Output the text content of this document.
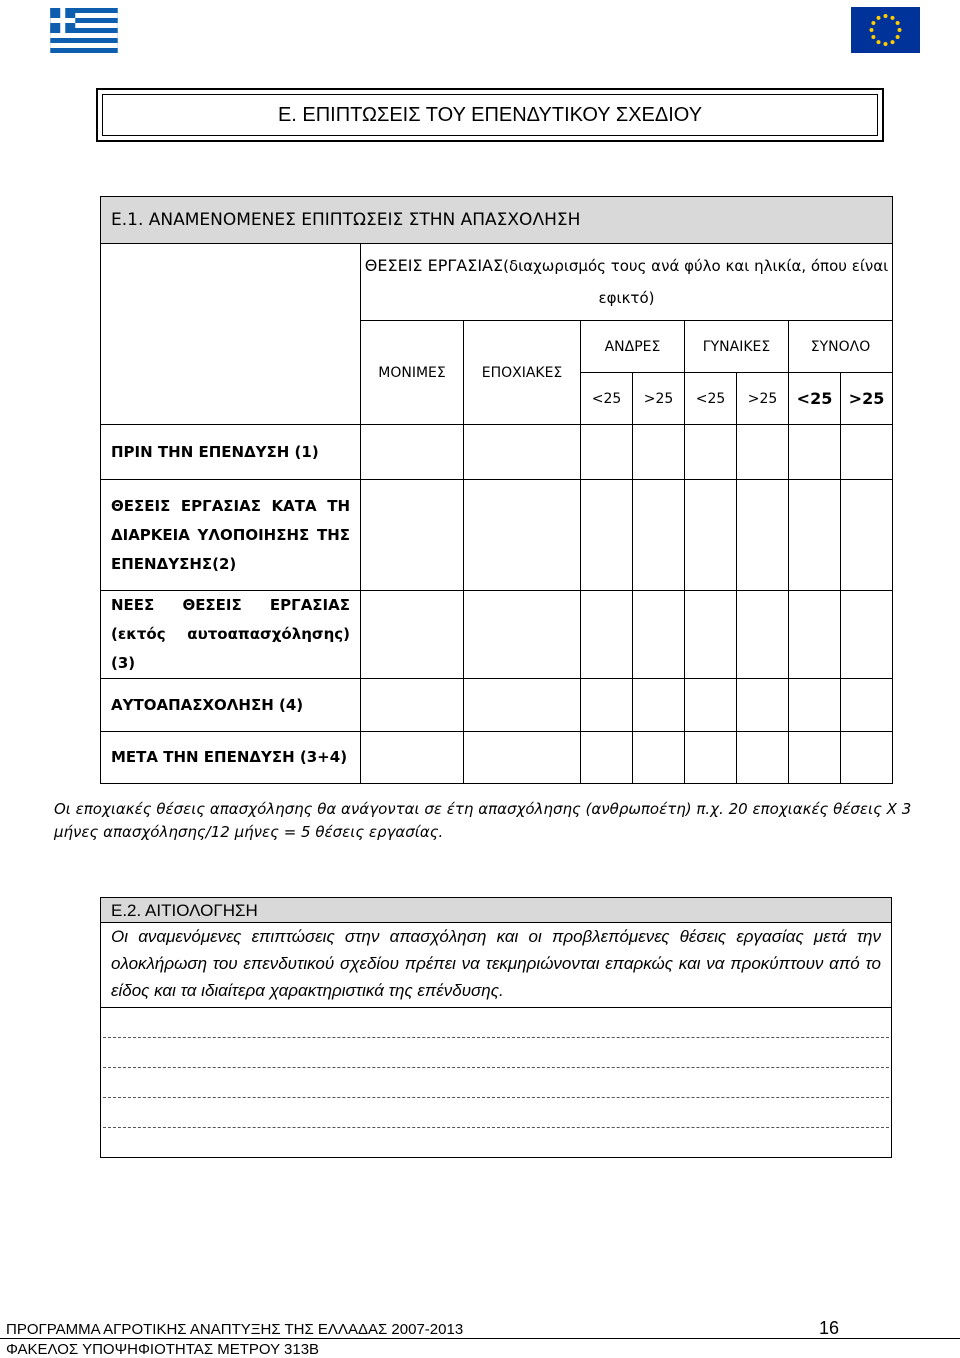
Ε. ΕΠΙΠΤΩΣΕΙΣ ΤΟΥ ΕΠΕΝΔΥΤΙΚΟΥ ΣΧΕΔΙΟΥ
Ε.1. ΑΝΑΜΕΝΟΜΕΝΕΣ ΕΠΙΠΤΩΣΕΙΣ ΣΤΗΝ ΑΠΑΣΧΟΛΗΣΗ								
	ΘΕΣΕΙΣ ΕΡΓΑΣΙΑΣ(διαχωρισμός τους ανά φύλο και ηλικία, όπου είναι εφικτό)							
	ΜΟΝΙΜΕΣ	ΕΠΟΧΙΑΚΕΣ	ΑΝΔΡΕΣ		ΓΥΝΑΙΚΕΣ		ΣΥΝΟΛΟ	
			<25	>25	<25	>25	<25	>25
ΠΡΙΝ ΤΗΝ ΕΠΕΝΔΥΣΗ (1)								
ΘΕΣΕΙΣ ΕΡΓΑΣΙΑΣ ΚΑΤΑ ΤΗ ΔΙΑΡΚΕΙΑ ΥΛΟΠΟΙΗΣΗΣ ΤΗΣ ΕΠΕΝΔΥΣΗΣ(2)								
ΝΕΕΣ ΘΕΣΕΙΣ ΕΡΓΑΣΙΑΣ (εκτός αυτοαπασχόλησης)(3)								
ΑΥΤΟΑΠΑΣΧΟΛΗΣΗ (4)								
ΜΕΤΑ ΤΗΝ ΕΠΕΝΔΥΣΗ (3+4)								
Οι εποχιακές θέσεις απασχόλησης θα ανάγονται σε έτη απασχόλησης (ανθρωποέτη) π.χ. 20 εποχιακές θέσεις Χ 3 μήνες απασχόλησης/12 μήνες = 5 θέσεις εργασίας.
Ε.2. ΑΙΤΙΟΛΟΓΗΣΗ
Οι αναμενόμενες επιπτώσεις στην απασχόληση και οι προβλεπόμενες θέσεις εργασίας μετά την ολοκλήρωση του επενδυτικού σχεδίου πρέπει να τεκμηριώνονται επαρκώς και να προκύπτουν από το είδος και τα ιδιαίτερα χαρακτηριστικά της επένδυσης.
ΠΡΟΓΡΑΜΜΑ ΑΓΡΟΤΙΚΗΣ ΑΝΑΠΤΥΞΗΣ ΤΗΣ ΕΛΛΑΔΑΣ 2007-2013	16
ΦΑΚΕΛΟΣ ΥΠΟΨΗΦΙΟΤΗΤΑΣ ΜΕΤΡΟΥ 313Β
